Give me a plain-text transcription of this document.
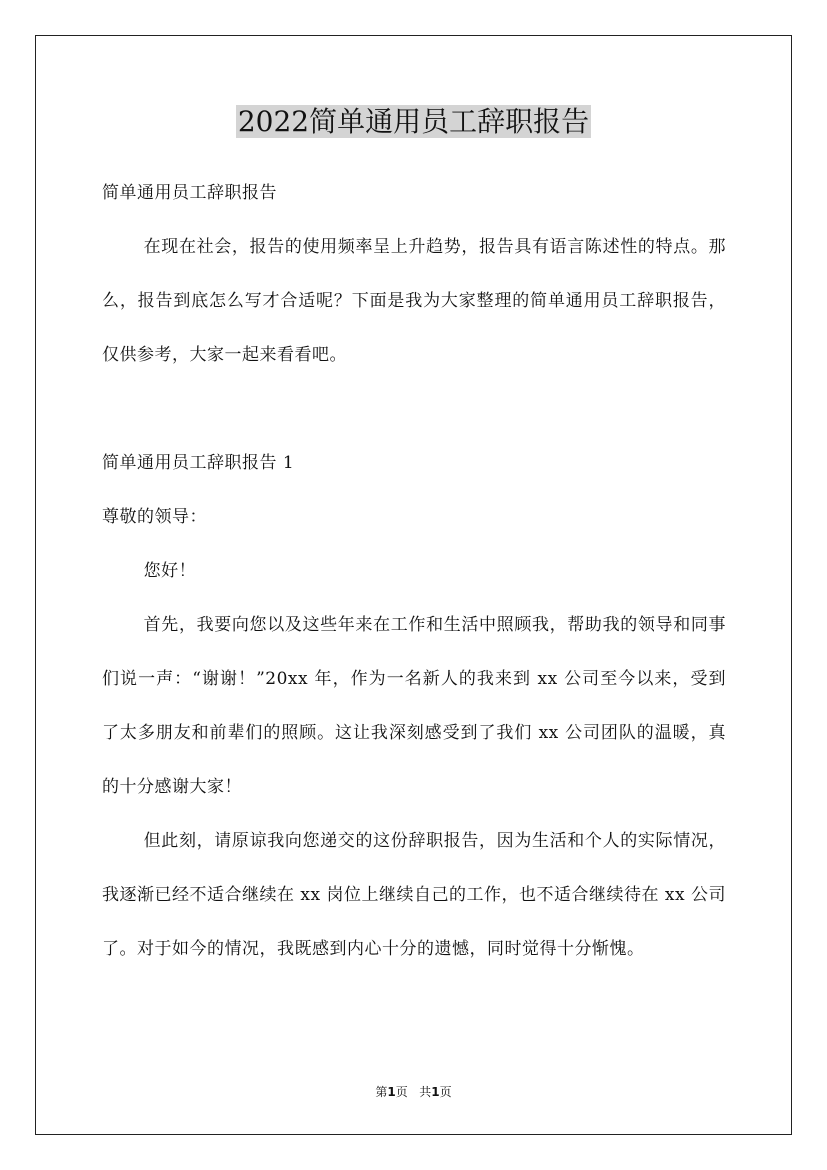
2022简单通用员工辞职报告

简单通用员工辞职报告

在现在社会，报告的使用频率呈上升趋势，报告具有语言陈述性的特点。那么，报告到底怎么写才合适呢？下面是我为大家整理的简单通用员工辞职报告，仅供参考，大家一起来看看吧。

简单通用员工辞职报告 1

尊敬的领导：

您好！

首先，我要向您以及这些年来在工作和生活中照顾我，帮助我的领导和同事们说一声：“谢谢！”20xx 年，作为一名新人的我来到 xx 公司至今以来，受到了太多朋友和前辈们的照顾。这让我深刻感受到了我们 xx 公司团队的温暖，真的十分感谢大家！

但此刻，请原谅我向您递交的这份辞职报告，因为生活和个人的实际情况，我逐渐已经不适合继续在 xx 岗位上继续自己的工作，也不适合继续待在 xx 公司了。对于如今的情况，我既感到内心十分的遗憾，同时觉得十分惭愧。

第1页 共1页
